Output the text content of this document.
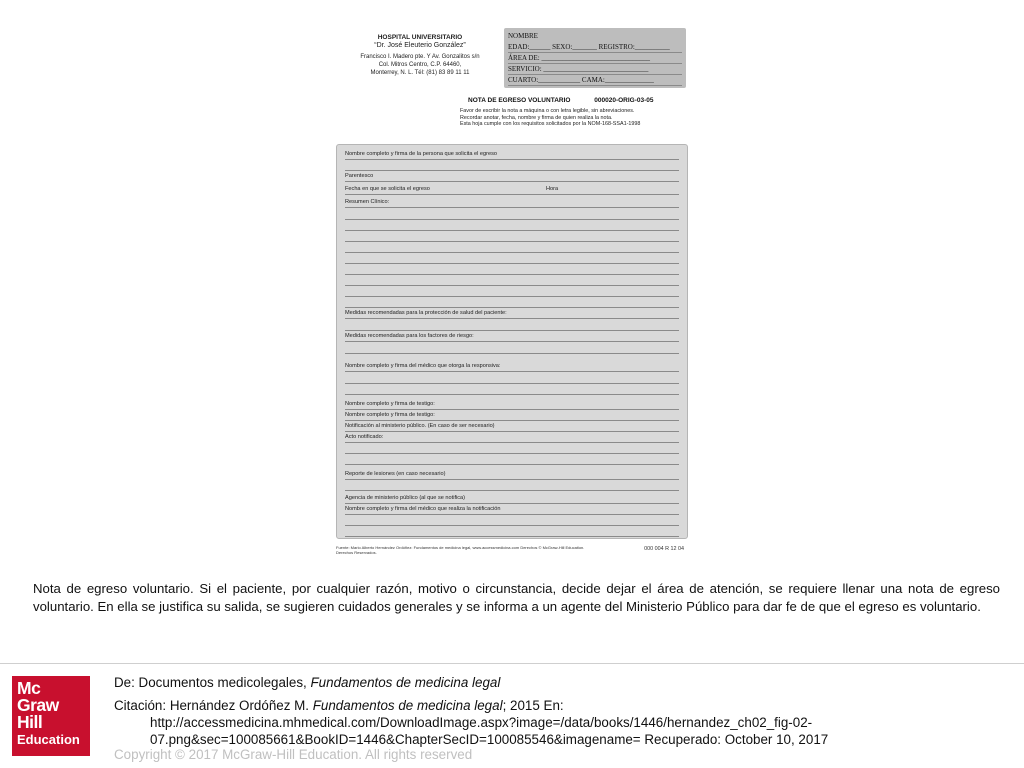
HOSPITAL UNIVERSITARIO
“Dr. José Eleuterio González”
Francisco I. Madero pte. Y Av. Gonzalitos s/n
Col. Mitros Centro, C.P. 64460,
Monterrey, N. L. Tél: (81) 83 89 11 11
NOMBRE
EDAD:______ SEXO:_______ REGISTRO:__________
ÁREA DE: _______________________________
SERVICIO: ______________________________
CUARTO:____________ CAMA:______________
NOTA DE EGRESO VOLUNTARIO	000020-ORIG-03-05
Favor de escribir la nota a máquina o con letra legible, sin abreviaciones.
Recordar anotar, fecha, nombre y firma de quien realiza la nota.
Esta hoja cumple con los requisitos solicitados por la NOM-168-SSA1-1998
Nombre completo y firma de la persona que solicita el egreso
Parentesco
Fecha en que se solicita el egreso	Hora
Resumen Clínico:
Medidas recomendadas para la protección de salud del paciente:
Medidas recomendadas para los factores de riesgo:
Nombre completo y firma del médico que otorga la responsiva:
Nombre completo y firma de testigo:
Nombre completo y firma de testigo:
Notificación al ministerio público. (En caso de ser necesario)
Acto notificado:
Reporte de lesiones (en caso necesario)
Agencia de ministerio público (al que se notifica)
Nombre completo y firma del médico que realiza la notificación
Fuente: Mario Alberto Hernández Ordóñez: Fundamentos de medicina legal, www.accessmedicina.com Derechos © McGraw-Hill Education. Derechos Reservados.
000 004 R 12 04
Nota de egreso voluntario. Si el paciente, por cualquier razón, motivo o circunstancia, decide dejar el área de atención, se requiere llenar una nota de egreso voluntario. En ella se justifica su salida, se sugieren cuidados generales y se informa a un agente del Ministerio Público para dar fe de que el egreso es voluntario.
Mc
Graw
Hill
Education
De: Documentos medicolegales, Fundamentos de medicina legal
Citación: Hernández Ordóñez M. Fundamentos de medicina legal; 2015 En:
http://accessmedicina.mhmedical.com/DownloadImage.aspx?image=/data/books/1446/hernandez_ch02_fig-02-
07.png&sec=100085661&BookID=1446&ChapterSecID=100085546&imagename= Recuperado: October 10, 2017
Copyright © 2017 McGraw-Hill Education. All rights reserved
